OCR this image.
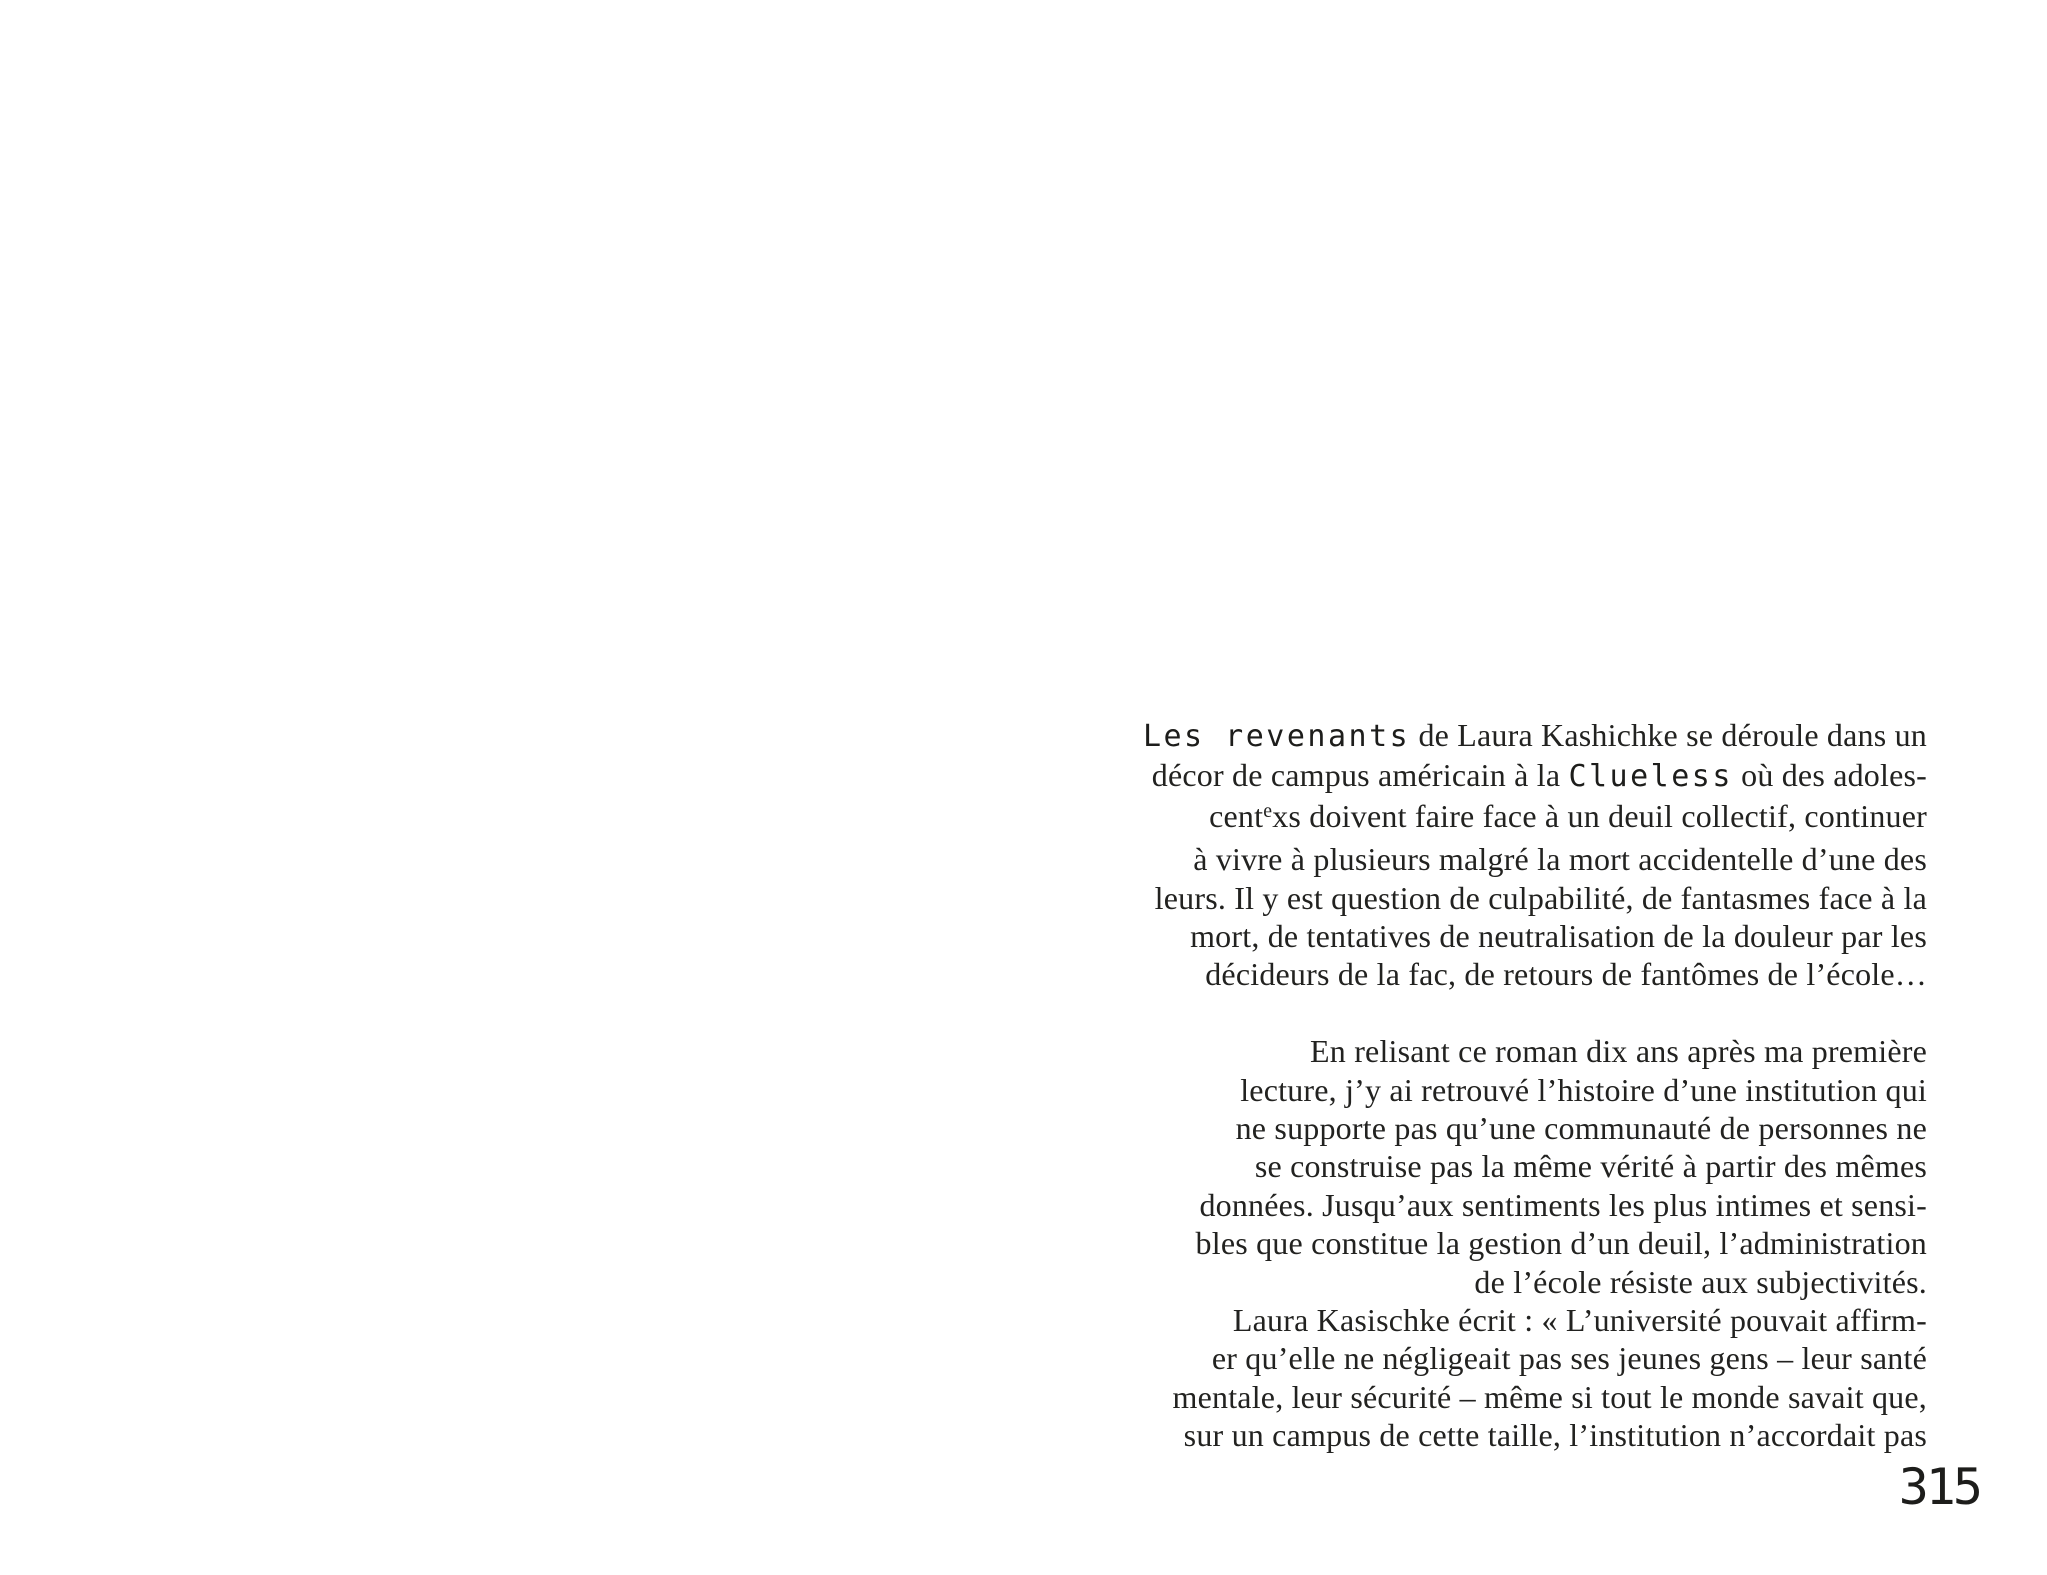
Les revenants de Laura Kashichke se déroule dans un
décor de campus américain à la Clueless où des adoles-
centexs doivent faire face à un deuil collectif, continuer
à vivre à plusieurs malgré la mort accidentelle d’une des
leurs. Il y est question de culpabilité, de fantasmes face à la
mort, de tentatives de neutralisation de la douleur par les
décideurs de la fac, de retours de fantômes de l’école…
En relisant ce roman dix ans après ma première
lecture, j’y ai retrouvé l’histoire d’une institution qui
ne supporte pas qu’une communauté de personnes ne
se construise pas la même vérité à partir des mêmes
données. Jusqu’aux sentiments les plus intimes et sensi-
bles que constitue la gestion d’un deuil, l’administration
de l’école résiste aux subjectivités.
Laura Kasischke écrit : « L’université pouvait affirm-
er qu’elle ne négligeait pas ses jeunes gens – leur santé
mentale, leur sécurité – même si tout le monde savait que,
sur un campus de cette taille, l’institution n’accordait pas
315
